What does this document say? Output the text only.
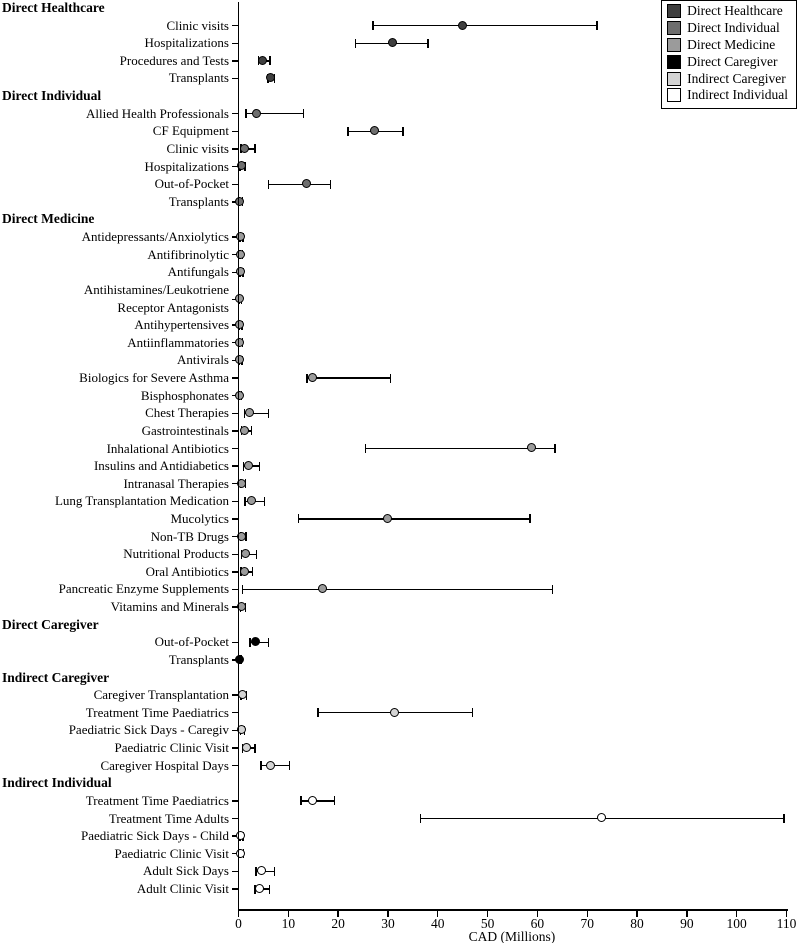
Direct Healthcare
Clinic visits
Hospitalizations
Procedures and Tests
Transplants
Direct Individual
Allied Health Professionals
CF Equipment
Clinic visits
Hospitalizations
Out-of-Pocket
Transplants
Direct Medicine
Antidepressants/Anxiolytics
Antifibrinolytic
Antifungals
Antihistamines/Leukotriene
Receptor Antagonists
Antihypertensives
Antiinflammatories
Antivirals
Biologics for Severe Asthma
Bisphosphonates
Chest Therapies
Gastrointestinals
Inhalational Antibiotics
Insulins and Antidiabetics
Intranasal Therapies
Lung Transplantation Medication
Mucolytics
Non-TB Drugs
Nutritional Products
Oral Antibiotics
Pancreatic Enzyme Supplements
Vitamins and Minerals
Direct Caregiver
Out-of-Pocket
Transplants
Indirect Caregiver
Caregiver Transplantation
Treatment Time Paediatrics
Paediatric Sick Days - Caregiv
Paediatric Clinic Visit
Caregiver Hospital Days
Indirect Individual
Treatment Time Paediatrics
Treatment Time Adults
Paediatric Sick Days - Child
Paediatric Clinic Visit
Adult Sick Days
Adult Clinic Visit
0	10	20	30	40	50	60	70	80	90	100	110
CAD (Millions)
Direct Healthcare
Direct Individual
Direct Medicine
Direct Caregiver
Indirect Caregiver
Indirect Individual
